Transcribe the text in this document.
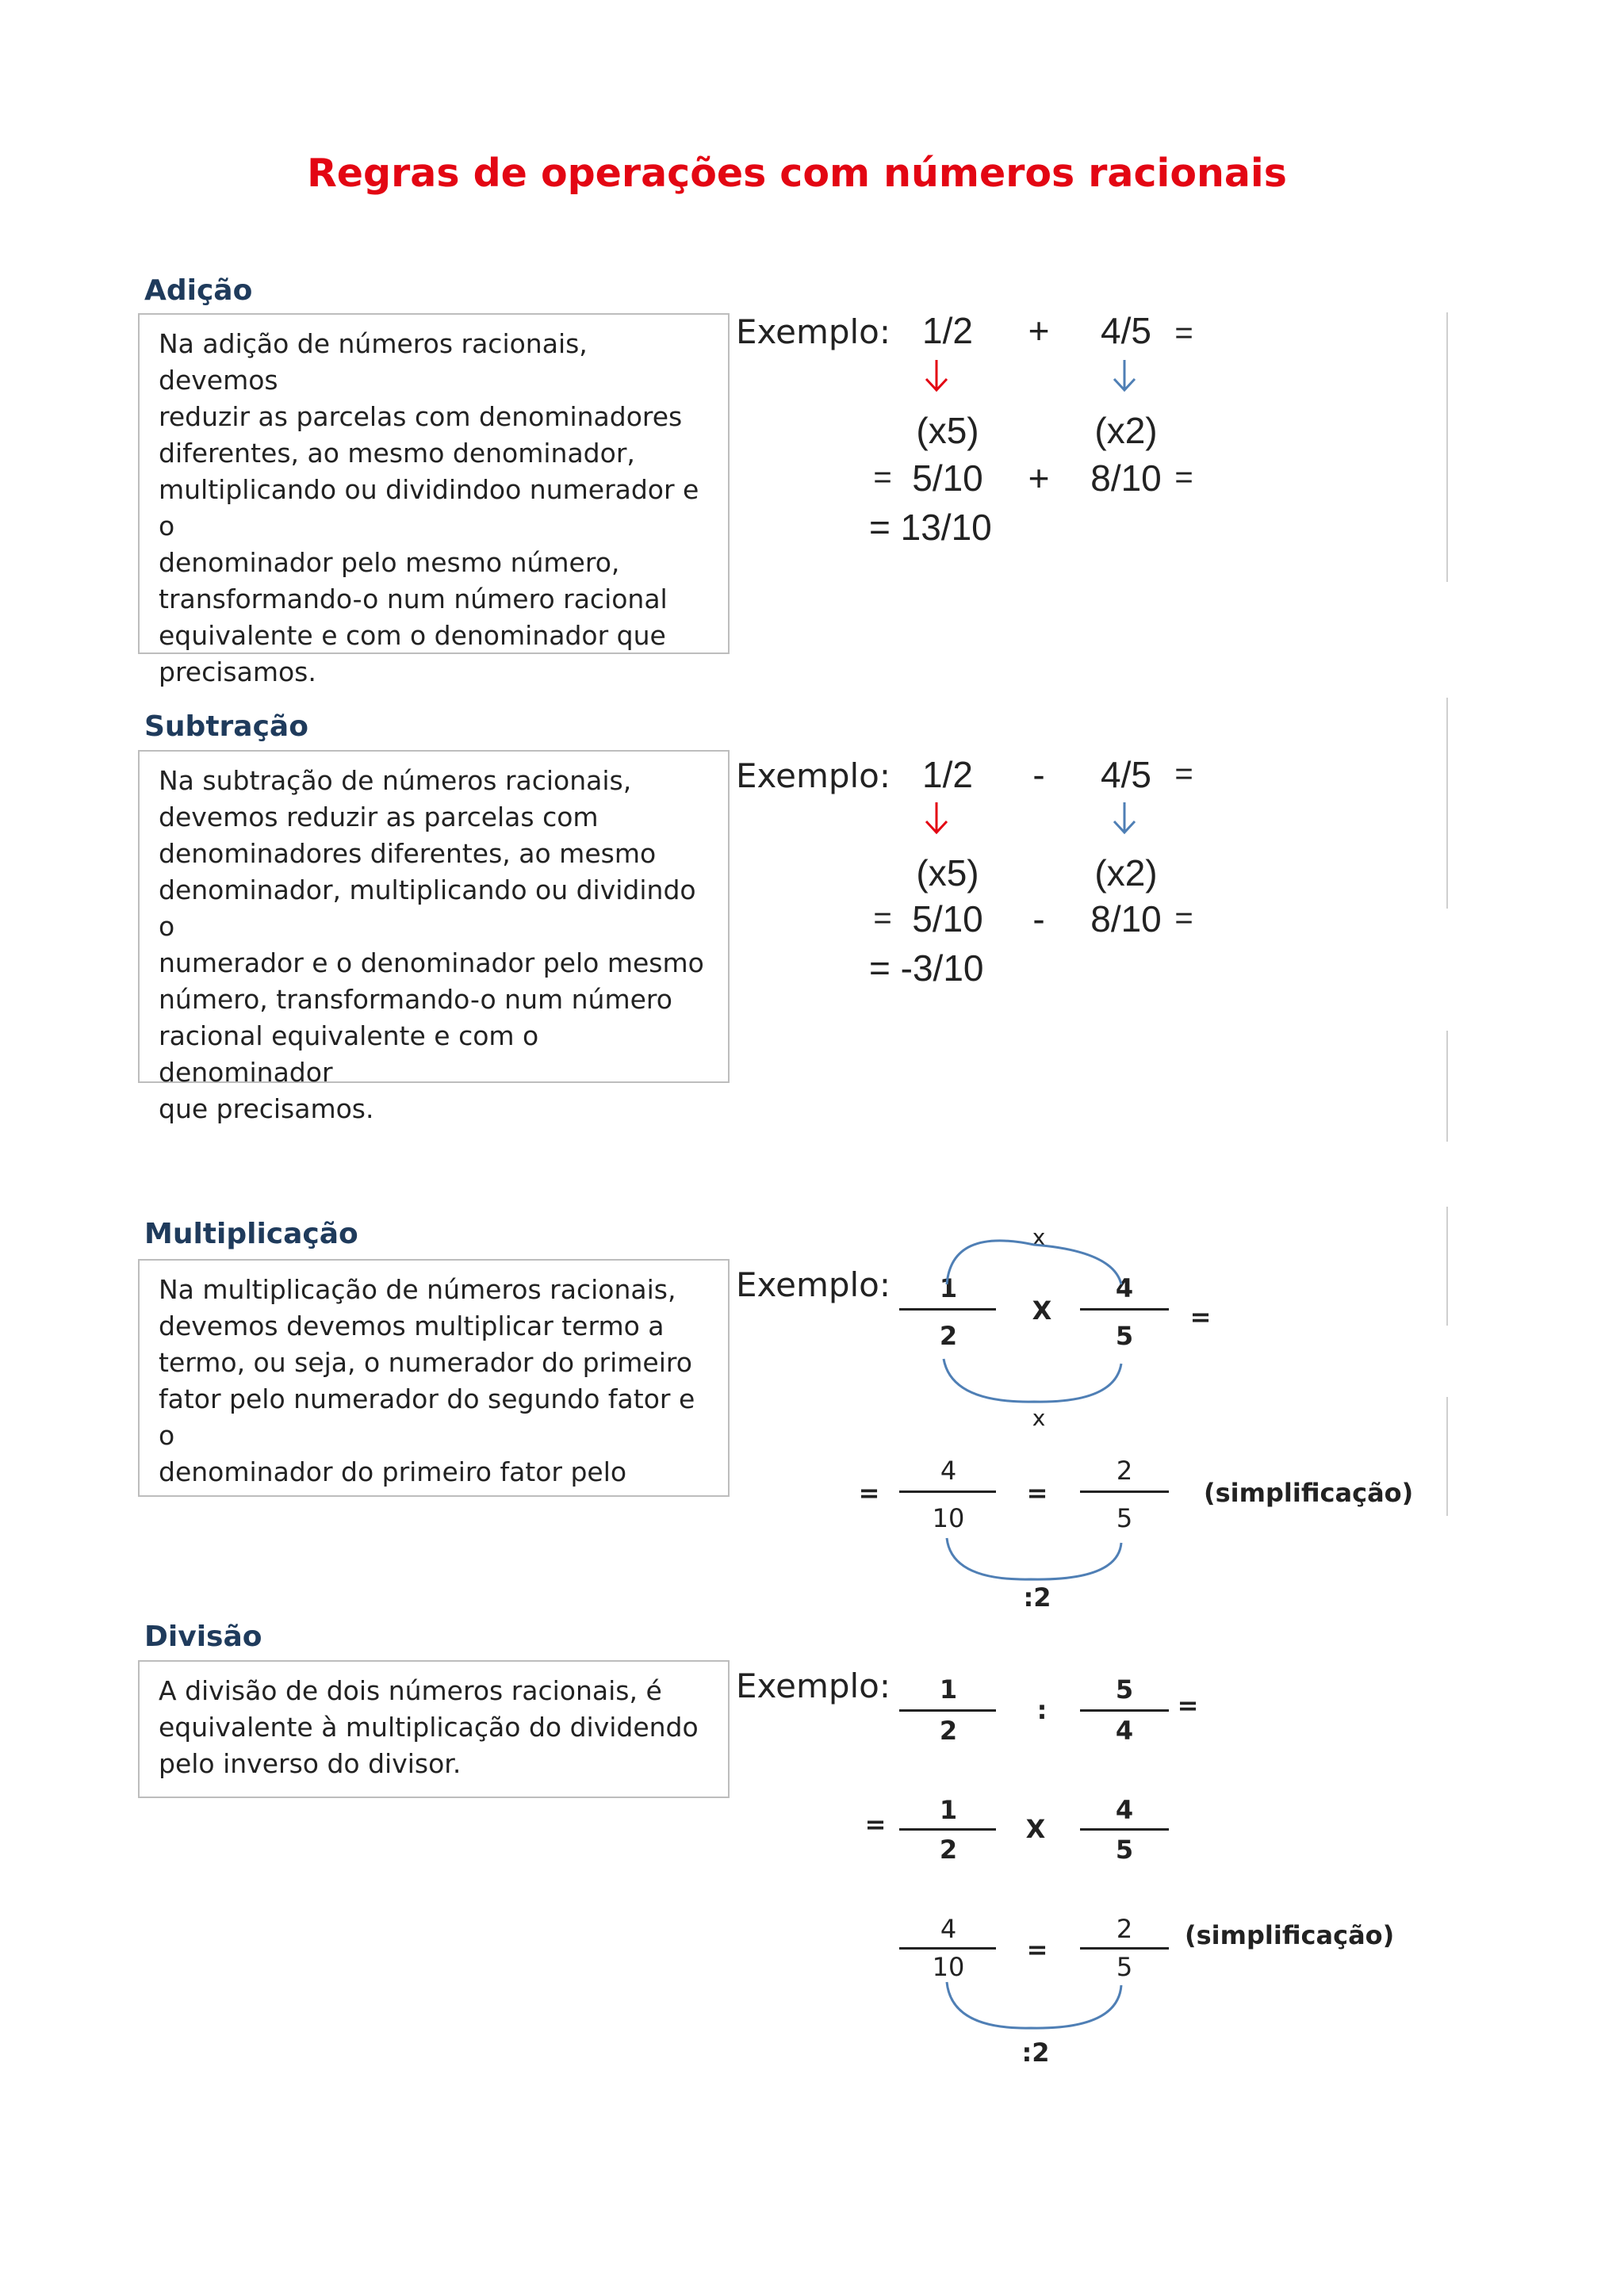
Regras de operações com números racionais
Adição
Na adição de números racionais, devemos
reduzir as parcelas com denominadores
diferentes, ao mesmo denominador,
multiplicando ou dividindoo numerador e o
denominador pelo mesmo número,
transformando-o num número racional
equivalente e com o denominador que
precisamos.
Exemplo: 1/2	+	4/5 =
(x5)	(x2)
= 5/10 + 8/10 =
= 13/10
Subtração
Na subtração de números racionais,
devemos reduzir as parcelas com
denominadores diferentes, ao mesmo
denominador, multiplicando ou dividindo o
numerador e o denominador pelo mesmo
número, transformando-o num número
racional equivalente e com o denominador
que precisamos.
Exemplo: 1/2	-	4/5 =
(x5)	(x2)
= 5/10 - 8/10 =
= -3/10
Multiplicação
Na multiplicação de números racionais,
devemos devemos multiplicar termo a
termo, ou seja, o numerador do primeiro
fator pelo numerador do segundo fator e o
denominador do primeiro fator pelo
Exemplo:
x
1
2
X
4
5
=
x
=
4
10
=
2
5
(simplificação)
:2
Divisão
A divisão de dois números racionais, é
equivalente à multiplicação do dividendo
pelo inverso do divisor.
Exemplo:	1
2
:
5
4
=
=	1
2
X
4
5
4
10
=
2
5
(simplificação)
:2
